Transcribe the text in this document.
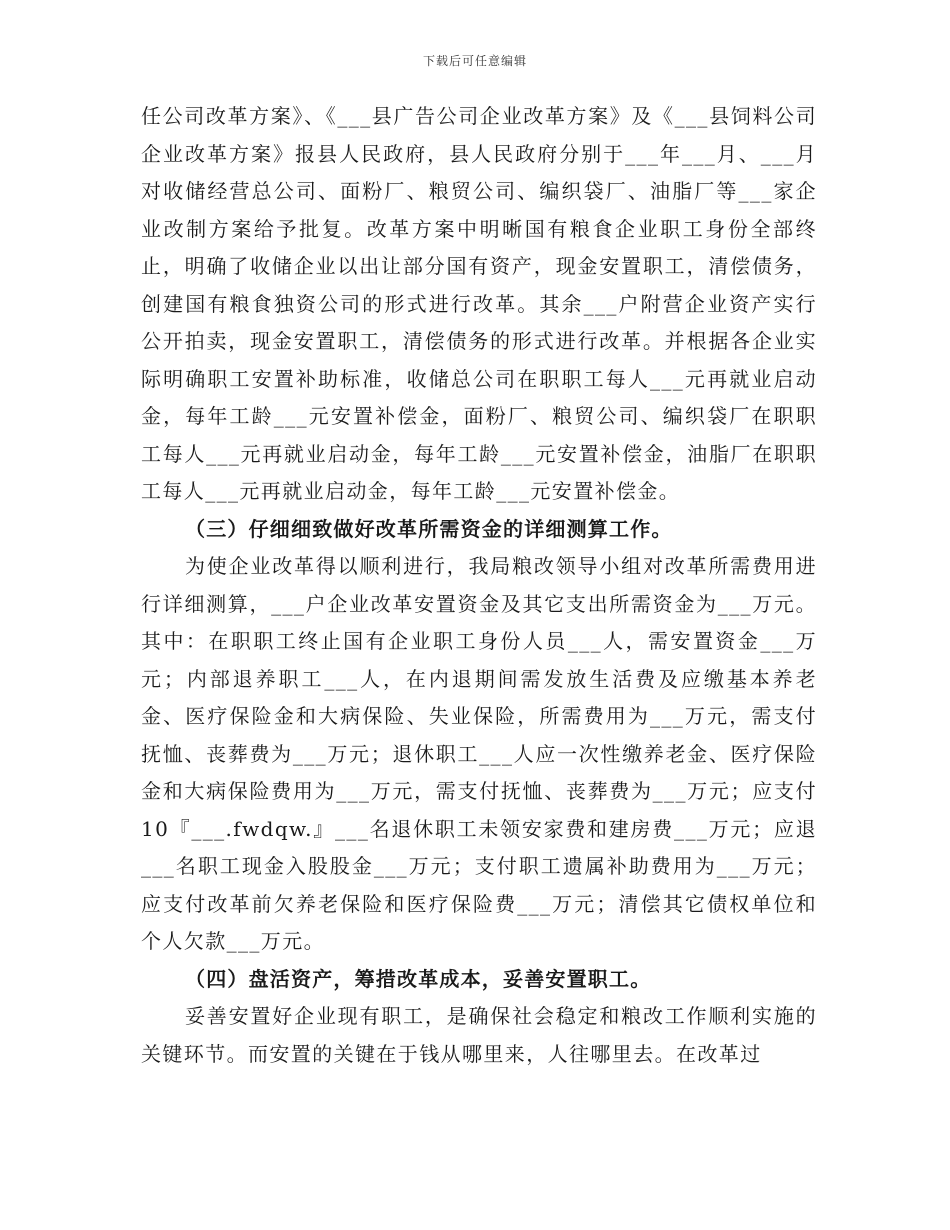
下载后可任意编辑

任公司改革方案》、《___县广告公司企业改革方案》及《___县饲料公司企业改革方案》报县人民政府，县人民政府分别于___年___月、___月对收储经营总公司、面粉厂、粮贸公司、编织袋厂、油脂厂等___家企业改制方案给予批复。改革方案中明晰国有粮食企业职工身份全部终止，明确了收储企业以出让部分国有资产，现金安置职工，清偿债务，创建国有粮食独资公司的形式进行改革。其余___户附营企业资产实行公开拍卖，现金安置职工，清偿债务的形式进行改革。并根据各企业实际明确职工安置补助标准，收储总公司在职职工每人___元再就业启动金，每年工龄___元安置补偿金，面粉厂、粮贸公司、编织袋厂在职职工每人___元再就业启动金，每年工龄___元安置补偿金，油脂厂在职职工每人___元再就业启动金，每年工龄___元安置补偿金。

（三）仔细细致做好改革所需资金的详细测算工作。

为使企业改革得以顺利进行，我局粮改领导小组对改革所需费用进行详细测算，___户企业改革安置资金及其它支出所需资金为___万元。其中：在职职工终止国有企业职工身份人员___人，需安置资金___万元；内部退养职工___人，在内退期间需发放生活费及应缴基本养老金、医疗保险金和大病保险、失业保险，所需费用为___万元，需支付抚恤、丧葬费为___万元；退休职工___人应一次性缴养老金、医疗保险金和大病保险费用为___万元，需支付抚恤、丧葬费为___万元；应支付10『___.fwdqw.』___名退休职工未领安家费和建房费___万元；应退___名职工现金入股股金___万元；支付职工遗属补助费用为___万元；应支付改革前欠养老保险和医疗保险费___万元；清偿其它债权单位和个人欠款___万元。

（四）盘活资产，筹措改革成本，妥善安置职工。

妥善安置好企业现有职工，是确保社会稳定和粮改工作顺利实施的关键环节。而安置的关键在于钱从哪里来，人往哪里去。在改革过
